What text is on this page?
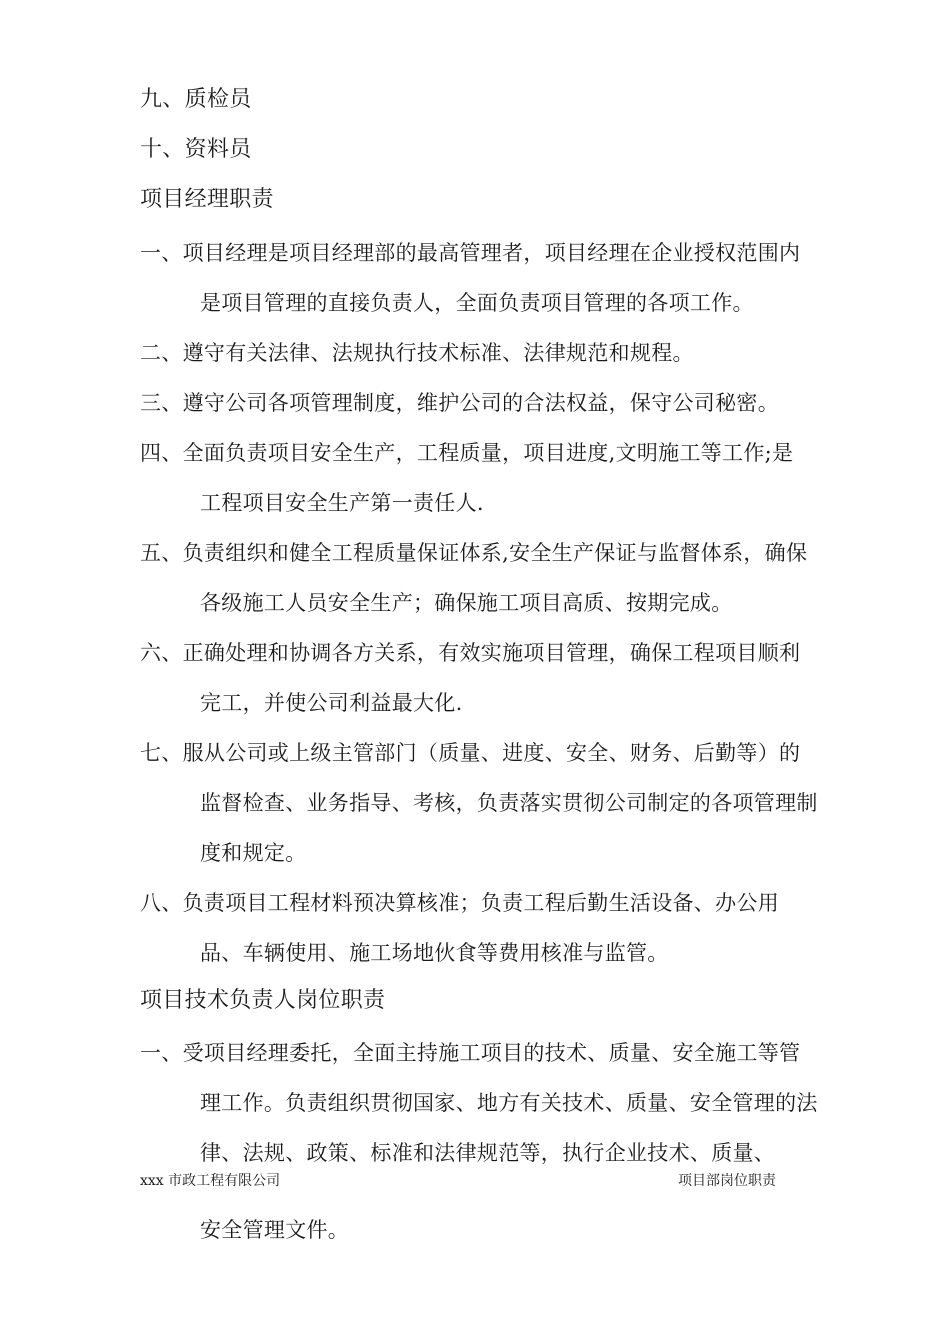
九、质检员
十、资料员
项目经理职责
一、项目经理是项目经理部的最高管理者，项目经理在企业授权范围内
是项目管理的直接负责人，全面负责项目管理的各项工作。
二、遵守有关法律、法规执行技术标准、法律规范和规程。
三、遵守公司各项管理制度，维护公司的合法权益，保守公司秘密。
四、全面负责项目安全生产，工程质量，项目进度,文明施工等工作;是
工程项目安全生产第一责任人.
五、负责组织和健全工程质量保证体系,安全生产保证与监督体系，确保
各级施工人员安全生产；确保施工项目高质、按期完成。
六、正确处理和协调各方关系，有效实施项目管理，确保工程项目顺利
完工，并使公司利益最大化.
七、服从公司或上级主管部门（质量、进度、安全、财务、后勤等）的
监督检查、业务指导、考核，负责落实贯彻公司制定的各项管理制
度和规定。
八、负责项目工程材料预决算核准；负责工程后勤生活设备、办公用
品、车辆使用、施工场地伙食等费用核准与监管。
项目技术负责人岗位职责
一、受项目经理委托，全面主持施工项目的技术、质量、安全施工等管
理工作。负责组织贯彻国家、地方有关技术、质量、安全管理的法
律、法规、政策、标准和法律规范等，执行企业技术、质量、
xxx 市政工程有限公司	项目部岗位职责
安全管理文件。
